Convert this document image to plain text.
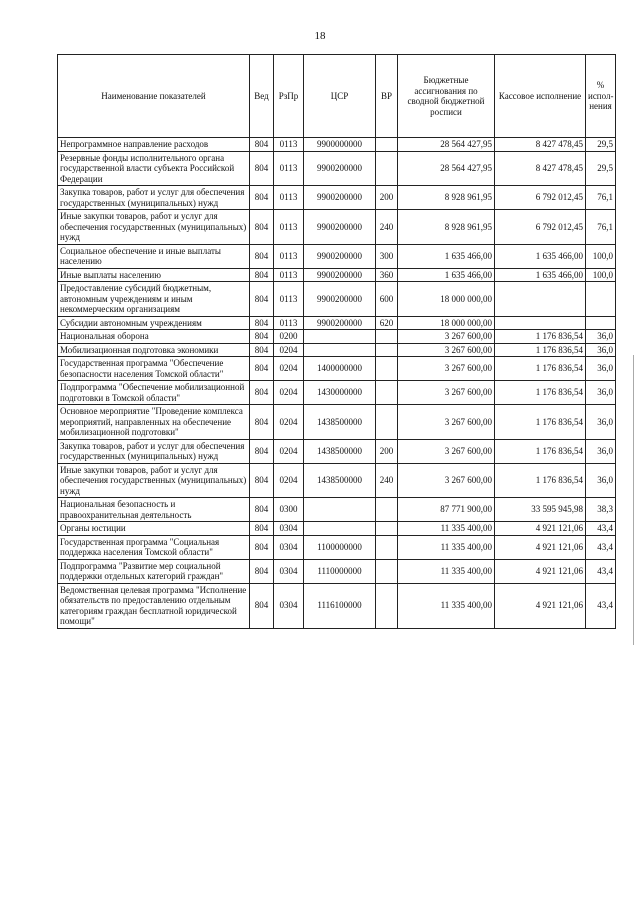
18
Наименование показателей	Вед	РзПр	ЦСР	ВР	Бюджетные ассигнования по сводной бюджетной росписи	Кассовое исполнение	% испол-нения
Непрограммное направление расходов	804	0113	9900000000		28 564 427,95	8 427 478,45	29,5
Резервные фонды исполнительного органа государственной власти субъекта Российской Федерации	804	0113	9900200000		28 564 427,95	8 427 478,45	29,5
Закупка товаров, работ и услуг для обеспечения государственных (муниципальных) нужд	804	0113	9900200000	200	8 928 961,95	6 792 012,45	76,1
Иные закупки товаров, работ и услуг для обеспечения государственных (муниципальных) нужд	804	0113	9900200000	240	8 928 961,95	6 792 012,45	76,1
Социальное обеспечение и иные выплаты населению	804	0113	9900200000	300	1 635 466,00	1 635 466,00	100,0
Иные выплаты населению	804	0113	9900200000	360	1 635 466,00	1 635 466,00	100,0
Предоставление субсидий бюджетным, автономным учреждениям и иным некоммерческим организациям	804	0113	9900200000	600	18 000 000,00		
Субсидии автономным учреждениям	804	0113	9900200000	620	18 000 000,00		
Национальная оборона	804	0200			3 267 600,00	1 176 836,54	36,0
Мобилизационная подготовка экономики	804	0204			3 267 600,00	1 176 836,54	36,0
Государственная программа "Обеспечение безопасности населения Томской области"	804	0204	1400000000		3 267 600,00	1 176 836,54	36,0
Подпрограмма "Обеспечение мобилизационной подготовки в Томской области"	804	0204	1430000000		3 267 600,00	1 176 836,54	36,0
Основное мероприятие "Проведение комплекса мероприятий, направленных на обеспечение мобилизационной подготовки"	804	0204	1438500000		3 267 600,00	1 176 836,54	36,0
Закупка товаров, работ и услуг для обеспечения государственных (муниципальных) нужд	804	0204	1438500000	200	3 267 600,00	1 176 836,54	36,0
Иные закупки товаров, работ и услуг для обеспечения государственных (муниципальных) нужд	804	0204	1438500000	240	3 267 600,00	1 176 836,54	36,0
Национальная безопасность и правоохранительная деятельность	804	0300			87 771 900,00	33 595 945,98	38,3
Органы юстиции	804	0304			11 335 400,00	4 921 121,06	43,4
Государственная программа "Социальная поддержка населения Томской области"	804	0304	1100000000		11 335 400,00	4 921 121,06	43,4
Подпрограмма "Развитие мер социальной поддержки отдельных категорий граждан"	804	0304	1110000000		11 335 400,00	4 921 121,06	43,4
Ведомственная целевая программа "Исполнение обязательств по предоставлению отдельным категориям граждан бесплатной юридической помощи"	804	0304	1116100000		11 335 400,00	4 921 121,06	43,4
